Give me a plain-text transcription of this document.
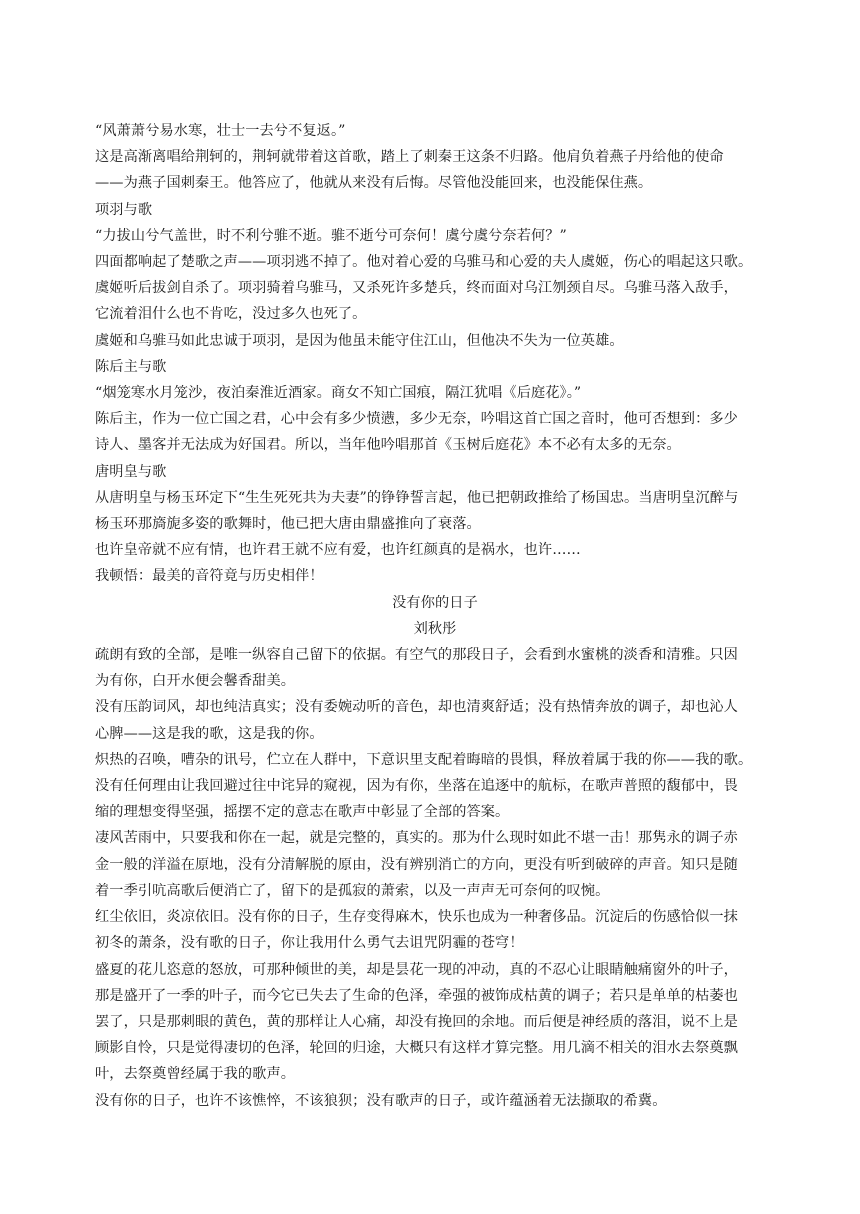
“风萧萧兮易水寒，壮士一去兮不复返。”

这是高渐离唱给荆轲的，荆轲就带着这首歌，踏上了刺秦王这条不归路。他肩负着燕子丹给他的使命

——为燕子国刺秦王。他答应了，他就从来没有后悔。尽管他没能回来，也没能保住燕。

项羽与歌

“力拔山兮气盖世，时不利兮骓不逝。骓不逝兮可奈何！虞兮虞兮奈若何？”

四面都响起了楚歌之声——项羽逃不掉了。他对着心爱的乌骓马和心爱的夫人虞姬，伤心的唱起这只歌。

虞姬听后拔剑自杀了。项羽骑着乌骓马，又杀死许多楚兵，终而面对乌江刎颈自尽。乌骓马落入敌手，

它流着泪什么也不肯吃，没过多久也死了。

虞姬和乌骓马如此忠诚于项羽，是因为他虽未能守住江山，但他决不失为一位英雄。

陈后主与歌

“烟笼寒水月笼沙，夜泊秦淮近酒家。商女不知亡国痕，隔江犹唱《后庭花》。”

陈后主，作为一位亡国之君，心中会有多少愤懑，多少无奈，吟唱这首亡国之音时，他可否想到：多少

诗人、墨客并无法成为好国君。所以，当年他吟唱那首《玉树后庭花》本不必有太多的无奈。

唐明皇与歌

从唐明皇与杨玉环定下“生生死死共为夫妻”的铮铮誓言起，他已把朝政推给了杨国忠。当唐明皇沉醉与

杨玉环那旖旎多姿的歌舞时，他已把大唐由鼎盛推向了衰落。

也许皇帝就不应有情，也许君王就不应有爱，也许红颜真的是祸水，也许……

我顿悟：最美的音符竟与历史相伴！

没有你的日子

刘秋彤

疏朗有致的全部，是唯一纵容自己留下的依据。有空气的那段日子，会看到水蜜桃的淡香和清雅。只因

为有你，白开水便会馨香甜美。

没有压韵词风，却也纯洁真实；没有委婉动听的音色，却也清爽舒适；没有热情奔放的调子，却也沁人

心脾——这是我的歌，这是我的你。

炽热的召唤，嘈杂的讯号，伫立在人群中，下意识里支配着晦暗的畏惧，释放着属于我的你——我的歌。

没有任何理由让我回避过往中诧异的窥视，因为有你，坐落在追逐中的航标，在歌声普照的馥郁中，畏

缩的理想变得坚强，摇摆不定的意志在歌声中彰显了全部的答案。

凄风苦雨中，只要我和你在一起，就是完整的，真实的。那为什么现时如此不堪一击！那隽永的调子赤

金一般的洋溢在原地，没有分清解脱的原由，没有辨别消亡的方向，更没有听到破碎的声音。知只是随

着一季引吭高歌后便消亡了，留下的是孤寂的萧索，以及一声声无可奈何的叹惋。

红尘依旧，炎凉依旧。没有你的日子，生存变得麻木，快乐也成为一种奢侈品。沉淀后的伤感恰似一抹

初冬的萧条，没有歌的日子，你让我用什么勇气去诅咒阴霾的苍穹！

盛夏的花儿恣意的怒放，可那种倾世的美，却是昙花一现的冲动，真的不忍心让眼睛触痛窗外的叶子，

那是盛开了一季的叶子，而今它已失去了生命的色泽，牵强的被饰成枯黄的调子；若只是单单的枯萎也

罢了，只是那刺眼的黄色，黄的那样让人心痛，却没有挽回的余地。而后便是神经质的落泪，说不上是

顾影自怜，只是觉得凄切的色泽，轮回的归途，大概只有这样才算完整。用几滴不相关的泪水去祭奠飘

叶，去祭奠曾经属于我的歌声。

没有你的日子，也许不该憔悴，不该狼狈；没有歌声的日子，或许蕴涵着无法撷取的希冀。
